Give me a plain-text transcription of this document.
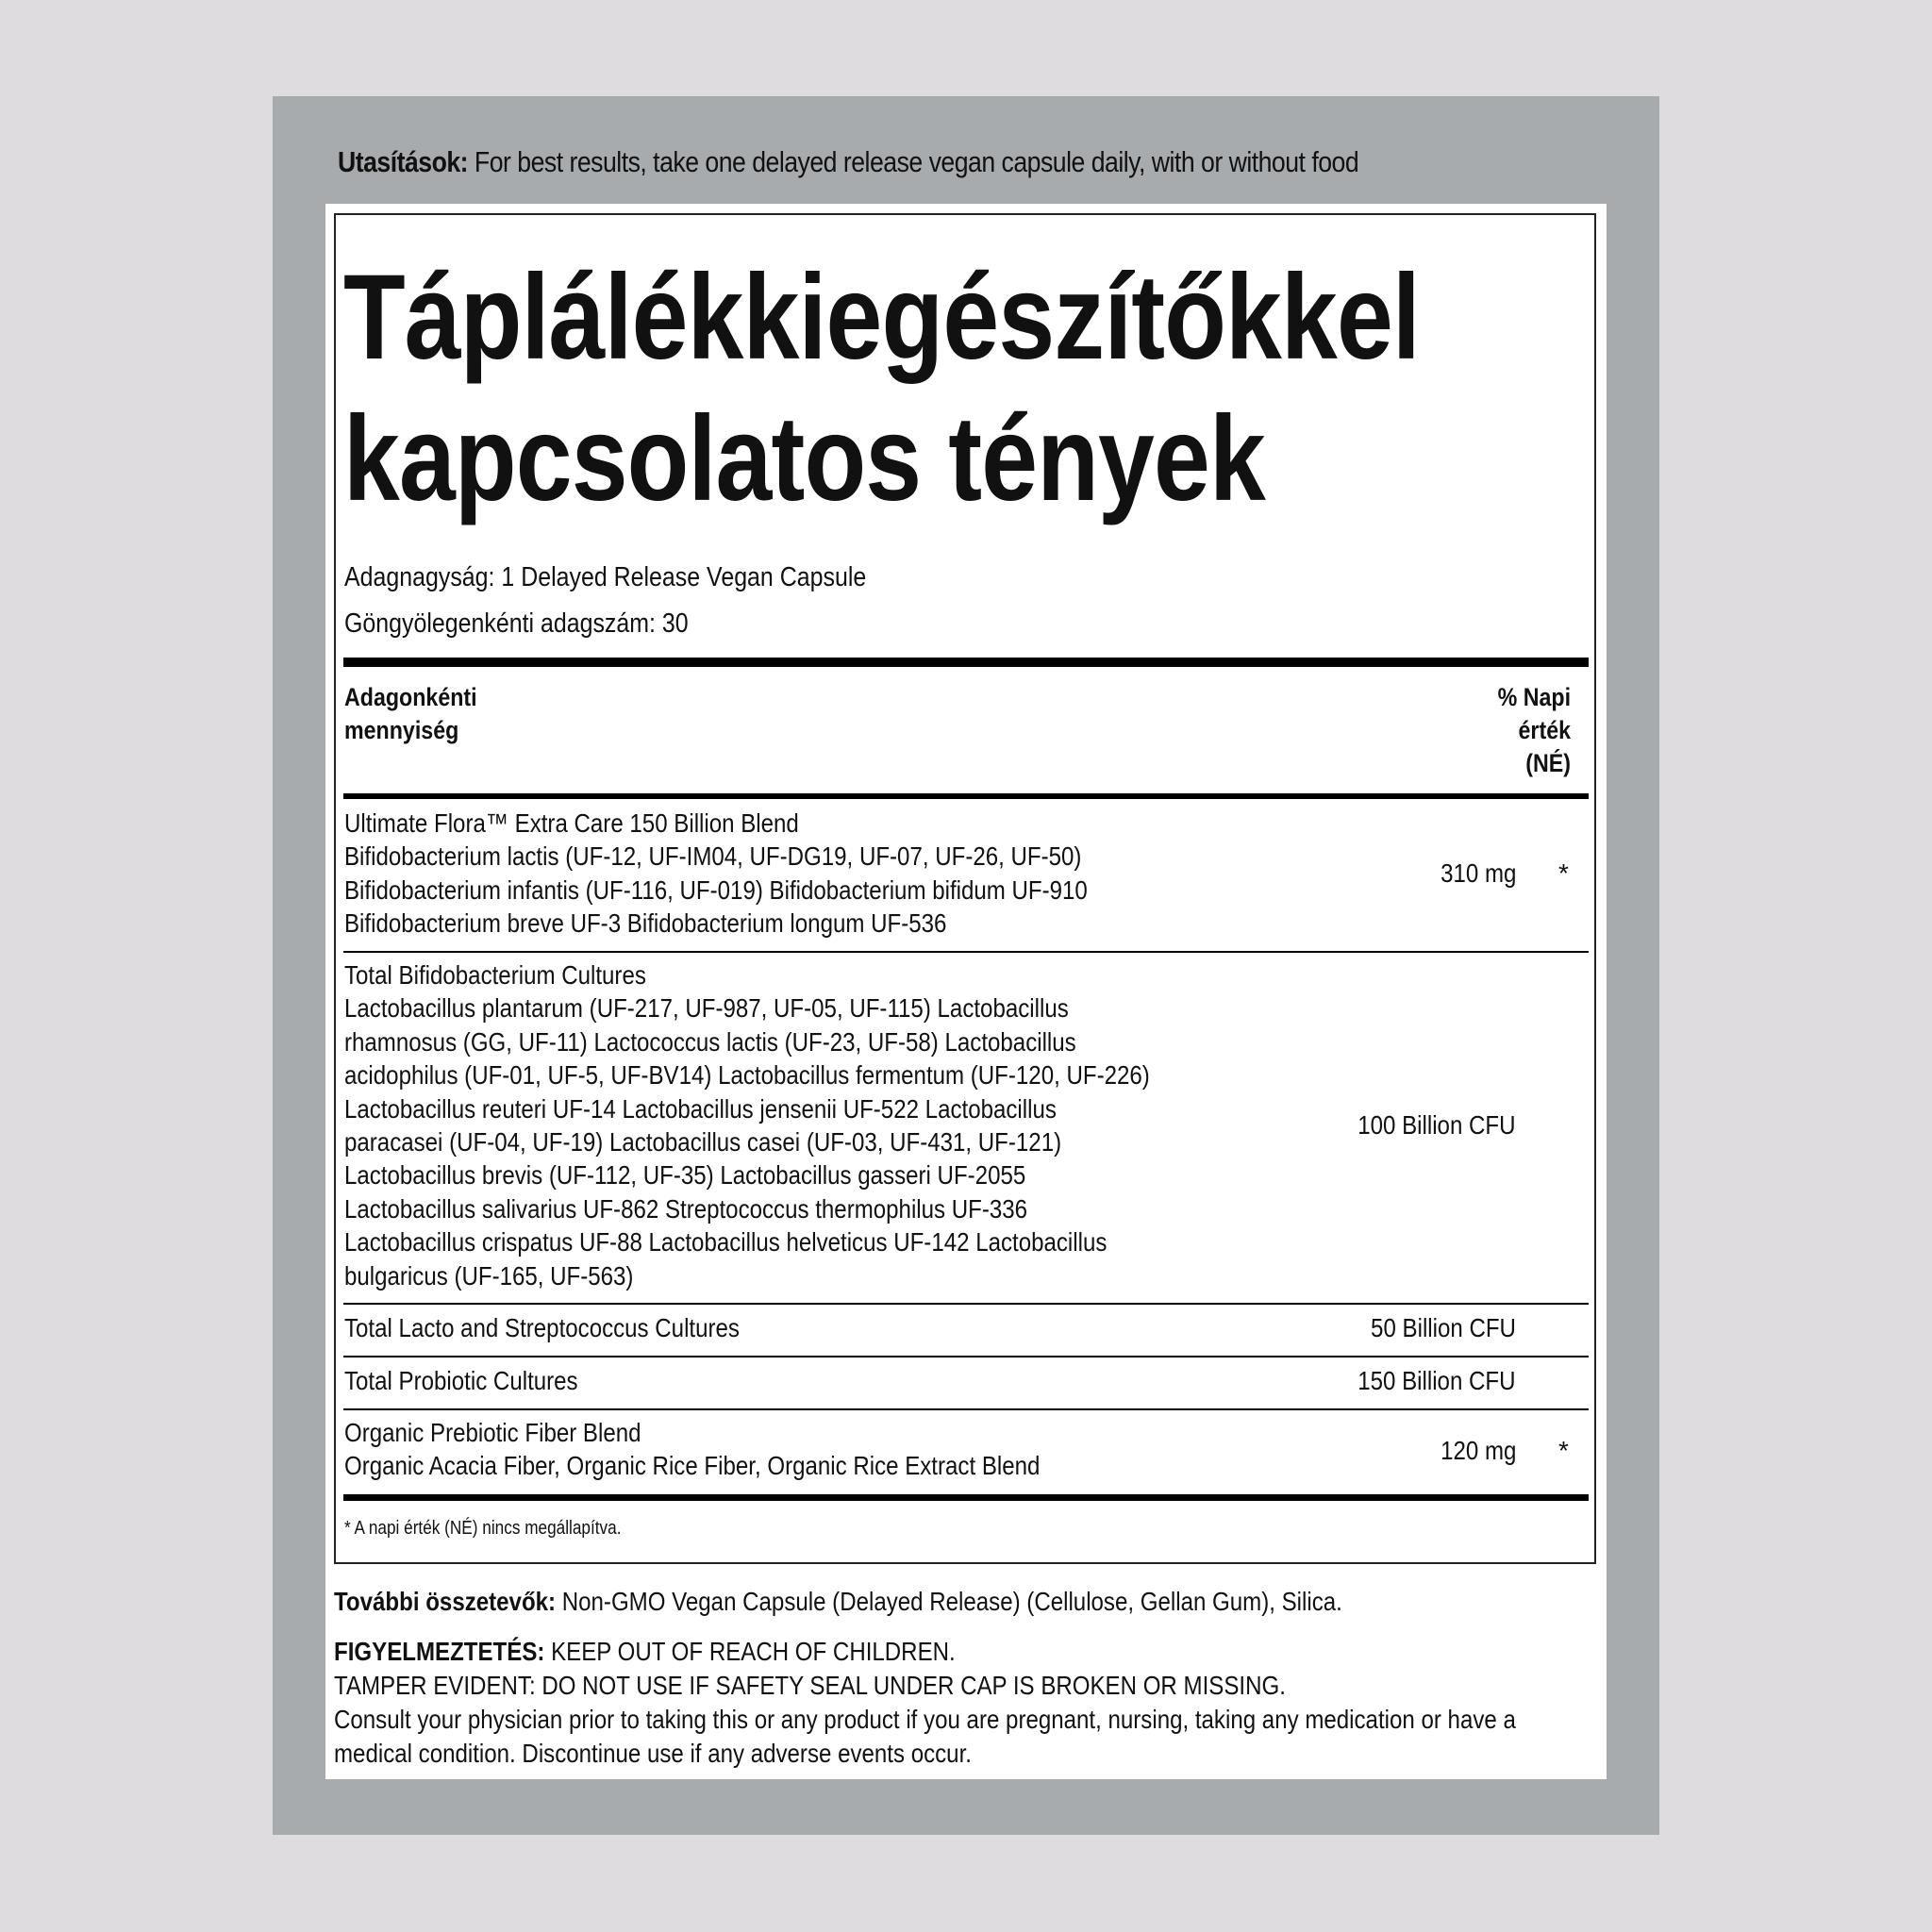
Utasítások: For best results, take one delayed release vegan capsule daily, with or without food
Táplálékkiegészítőkkel
kapcsolatos tények
Adagnagyság: 1 Delayed Release Vegan Capsule
Göngyölegenkénti adagszám: 30
Adagonkénti
mennyiség
% Napi
érték
(NÉ)
Ultimate Flora™ Extra Care 150 Billion Blend
Bifidobacterium lactis (UF-12, UF-IM04, UF-DG19, UF-07, UF-26, UF-50)
Bifidobacterium infantis (UF-116, UF-019) Bifidobacterium bifidum UF-910
Bifidobacterium breve UF-3 Bifidobacterium longum UF-536
310 mg *
Total Bifidobacterium Cultures
Lactobacillus plantarum (UF-217, UF-987, UF-05, UF-115) Lactobacillus
rhamnosus (GG, UF-11) Lactococcus lactis (UF-23, UF-58) Lactobacillus
acidophilus (UF-01, UF-5, UF-BV14) Lactobacillus fermentum (UF-120, UF-226)
Lactobacillus reuteri UF-14 Lactobacillus jensenii UF-522 Lactobacillus
paracasei (UF-04, UF-19) Lactobacillus casei (UF-03, UF-431, UF-121)
Lactobacillus brevis (UF-112, UF-35) Lactobacillus gasseri UF-2055
Lactobacillus salivarius UF-862 Streptococcus thermophilus UF-336
Lactobacillus crispatus UF-88 Lactobacillus helveticus UF-142 Lactobacillus
bulgaricus (UF-165, UF-563)
100 Billion CFU
Total Lacto and Streptococcus Cultures	50 Billion CFU
Total Probiotic Cultures	150 Billion CFU
Organic Prebiotic Fiber Blend
Organic Acacia Fiber, Organic Rice Fiber, Organic Rice Extract Blend
120 mg *
* A napi érték (NÉ) nincs megállapítva.
További összetevők: Non-GMO Vegan Capsule (Delayed Release) (Cellulose, Gellan Gum), Silica.
FIGYELMEZTETÉS: KEEP OUT OF REACH OF CHILDREN.
TAMPER EVIDENT: DO NOT USE IF SAFETY SEAL UNDER CAP IS BROKEN OR MISSING.
Consult your physician prior to taking this or any product if you are pregnant, nursing, taking any medication or have a
medical condition. Discontinue use if any adverse events occur.
